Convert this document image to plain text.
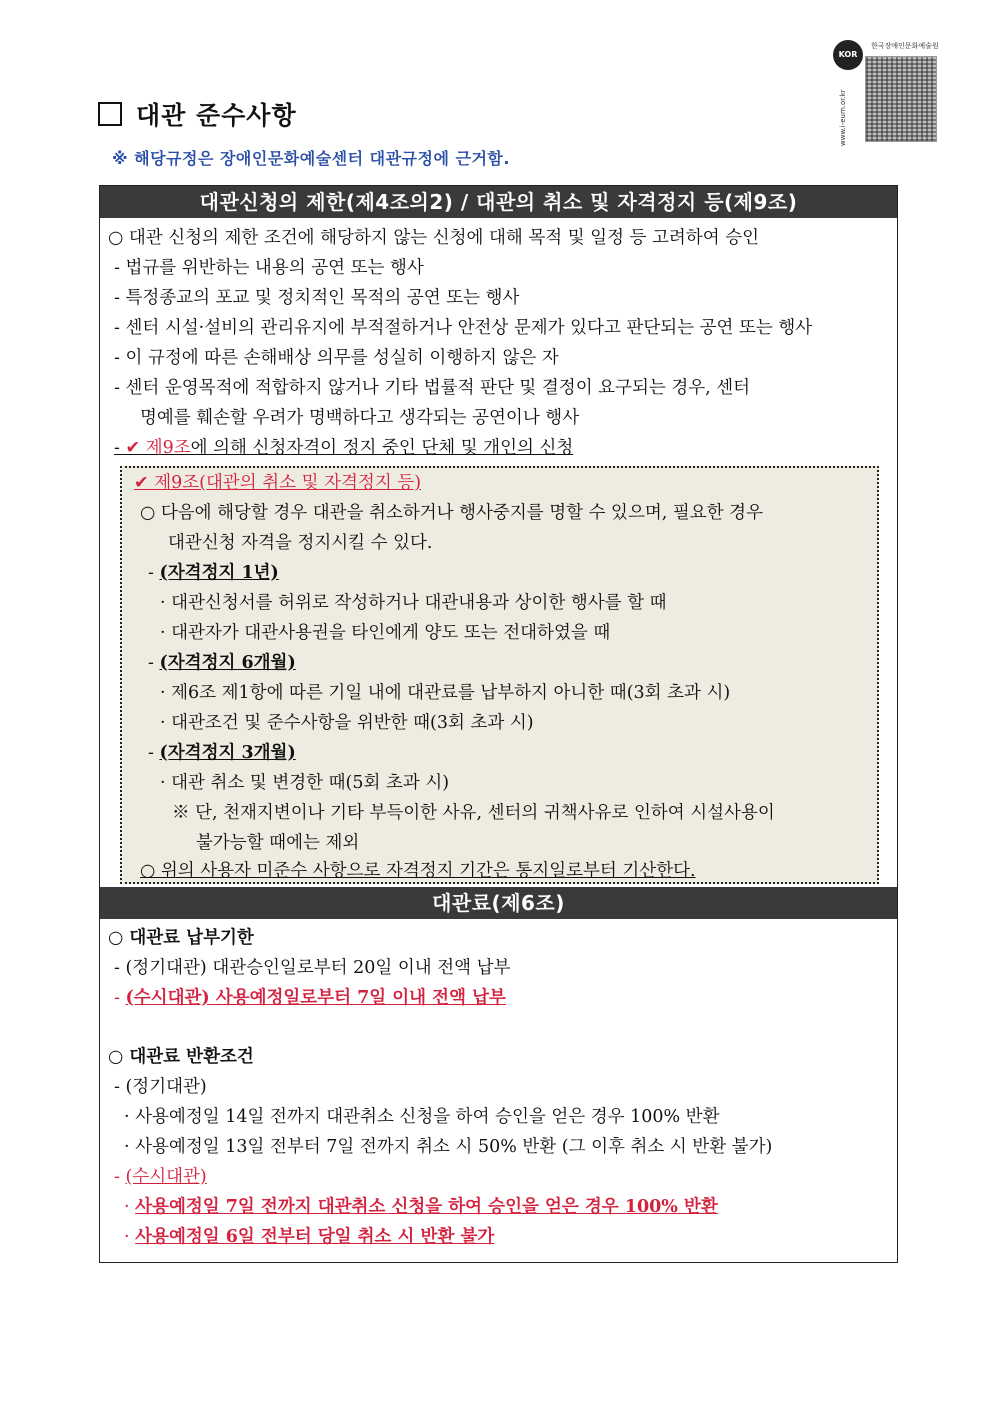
KOR
한국장애인문화예술원
www.i-eum.or.kr
대관 준수사항
※ 해당규정은 장애인문화예술센터 대관규정에 근거함.
대관신청의 제한(제4조의2) / 대관의 취소 및 자격정지 등(제9조)
○ 대관 신청의 제한 조건에 해당하지 않는 신청에 대해 목적 및 일정 등 고려하여 승인
- 법규를 위반하는 내용의 공연 또는 행사
- 특정종교의 포교 및 정치적인 목적의 공연 또는 행사
- 센터 시설·설비의 관리유지에 부적절하거나 안전상 문제가 있다고 판단되는 공연 또는 행사
- 이 규정에 따른 손해배상 의무를 성실히 이행하지 않은 자
- 센터 운영목적에 적합하지 않거나 기타 법률적 판단 및 결정이 요구되는 경우, 센터
명예를 훼손할 우려가 명백하다고 생각되는 공연이나 행사
- ✔ 제9조에 의해 신청자격이 정지 중인 단체 및 개인의 신청
✔ 제9조(대관의 취소 및 자격정지 등)
○ 다음에 해당할 경우 대관을 취소하거나 행사중지를 명할 수 있으며, 필요한 경우
대관신청 자격을 정지시킬 수 있다.
- (자격정지 1년)
· 대관신청서를 허위로 작성하거나 대관내용과 상이한 행사를 할 때
· 대관자가 대관사용권을 타인에게 양도 또는 전대하였을 때
- (자격정지 6개월)
· 제6조 제1항에 따른 기일 내에 대관료를 납부하지 아니한 때(3회 초과 시)
· 대관조건 및 준수사항을 위반한 때(3회 초과 시)
- (자격정지 3개월)
· 대관 취소 및 변경한 때(5회 초과 시)
※ 단, 천재지변이나 기타 부득이한 사유, 센터의 귀책사유로 인하여 시설사용이
불가능할 때에는 제외
○ 위의 사용자 미준수 사항으로 자격정지 기간은 통지일로부터 기산한다.
대관료(제6조)
○ 대관료 납부기한
- (정기대관) 대관승인일로부터 20일 이내 전액 납부
- (수시대관) 사용예정일로부터 7일 이내 전액 납부
○ 대관료 반환조건
- (정기대관)
· 사용예정일 14일 전까지 대관취소 신청을 하여 승인을 얻은 경우 100% 반환
· 사용예정일 13일 전부터 7일 전까지 취소 시 50% 반환 (그 이후 취소 시 반환 불가)
- (수시대관)
· 사용예정일 7일 전까지 대관취소 신청을 하여 승인을 얻은 경우 100% 반환
· 사용예정일 6일 전부터 당일 취소 시 반환 불가
